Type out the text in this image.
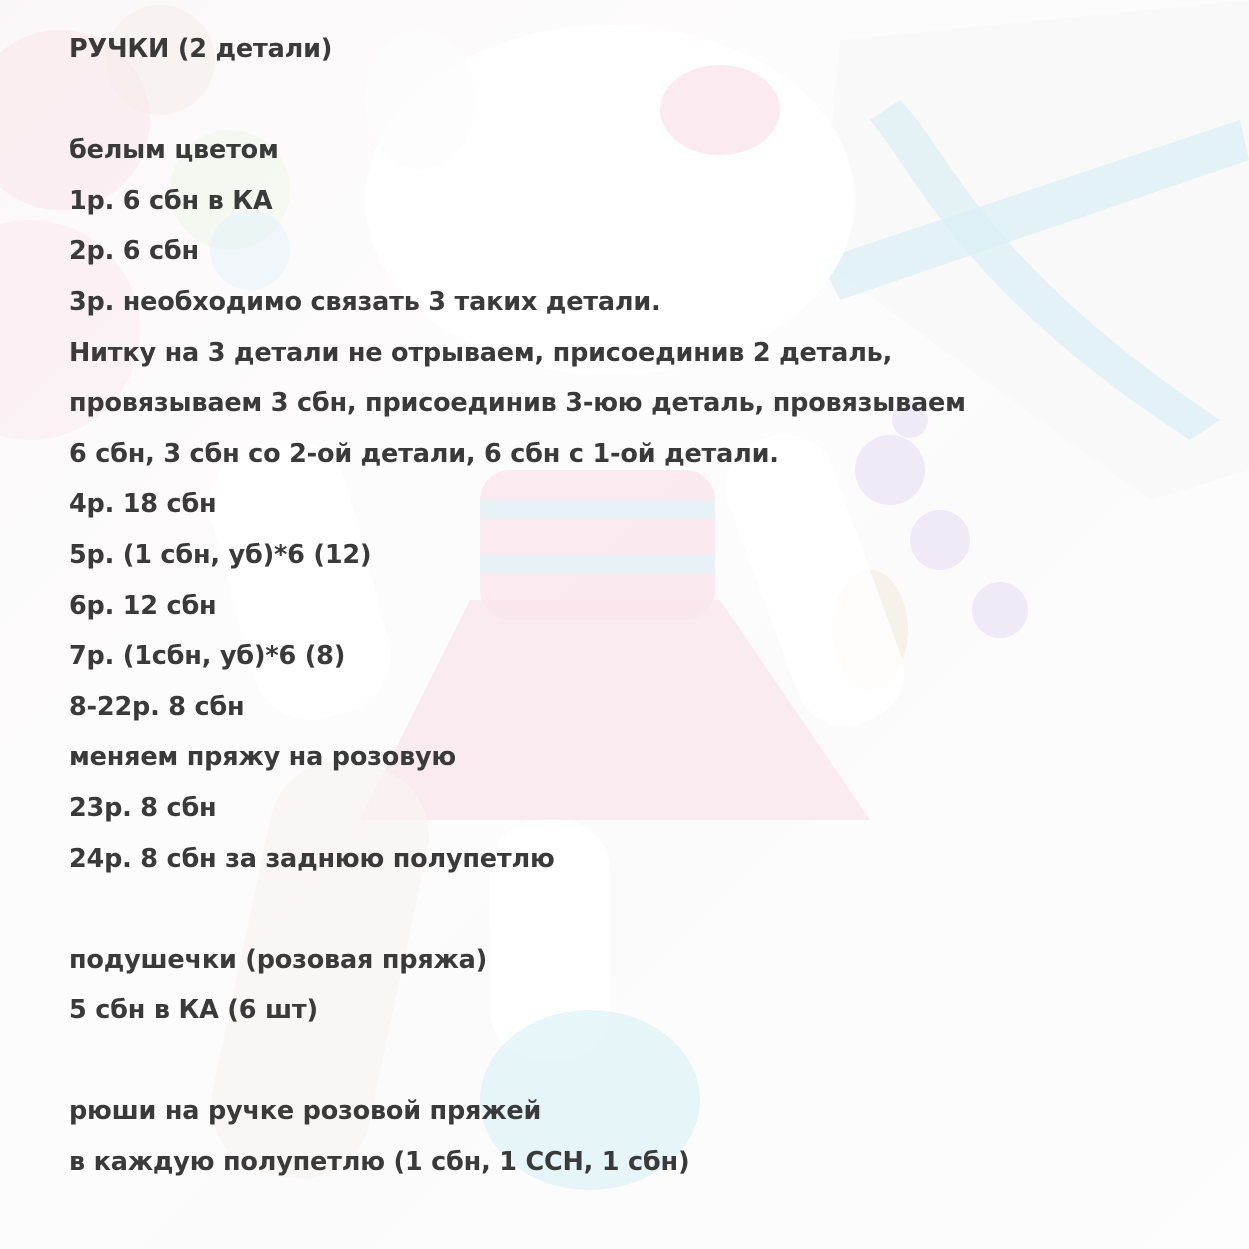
РУЧКИ (2 детали)
белым цветом
1р. 6 сбн в КА
2р. 6 сбн
3р. необходимо связать 3 таких детали.
Нитку на 3 детали не отрываем, присоединив 2 деталь,
провязываем 3 сбн, присоединив 3-юю деталь, провязываем
6 сбн, 3 сбн со 2-ой детали, 6 сбн с 1-ой детали.
4р. 18 сбн
5р. (1 сбн, уб)*6 (12)
6р. 12 сбн
7р. (1сбн, уб)*6 (8)
8-22р. 8 сбн
меняем пряжу на розовую
23р. 8 сбн
24р. 8 сбн за заднюю полупетлю
подушечки (розовая пряжа)
5 сбн в КА (6 шт)
рюши на ручке розовой пряжей
в каждую полупетлю (1 сбн, 1 ССН, 1 сбн)
